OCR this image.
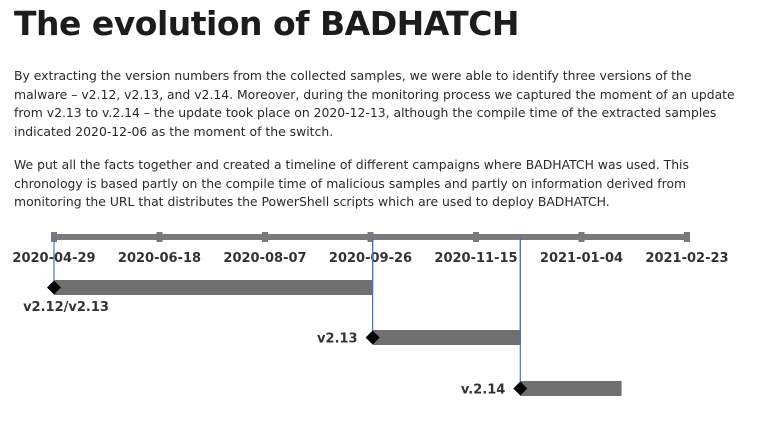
The evolution of BADHATCH

By extracting the version numbers from the collected samples, we were able to identify three versions of the malware – v2.12, v2.13, and v2.14. Moreover, during the monitoring process we captured the moment of an update from v2.13 to v.2.14 – the update took place on 2020-12-13, although the compile time of the extracted samples indicated 2020-12-06 as the moment of the switch.

We put all the facts together and created a timeline of different campaigns where BADHATCH was used. This chronology is based partly on the compile time of malicious samples and partly on information derived from monitoring the URL that distributes the PowerShell scripts which are used to deploy BADHATCH.

2020-04-29 2020-06-18 2020-08-07 2020-09-26 2020-11-15 2021-01-04 2021-02-23
v2.12/v2.13
v2.13
v.2.14
